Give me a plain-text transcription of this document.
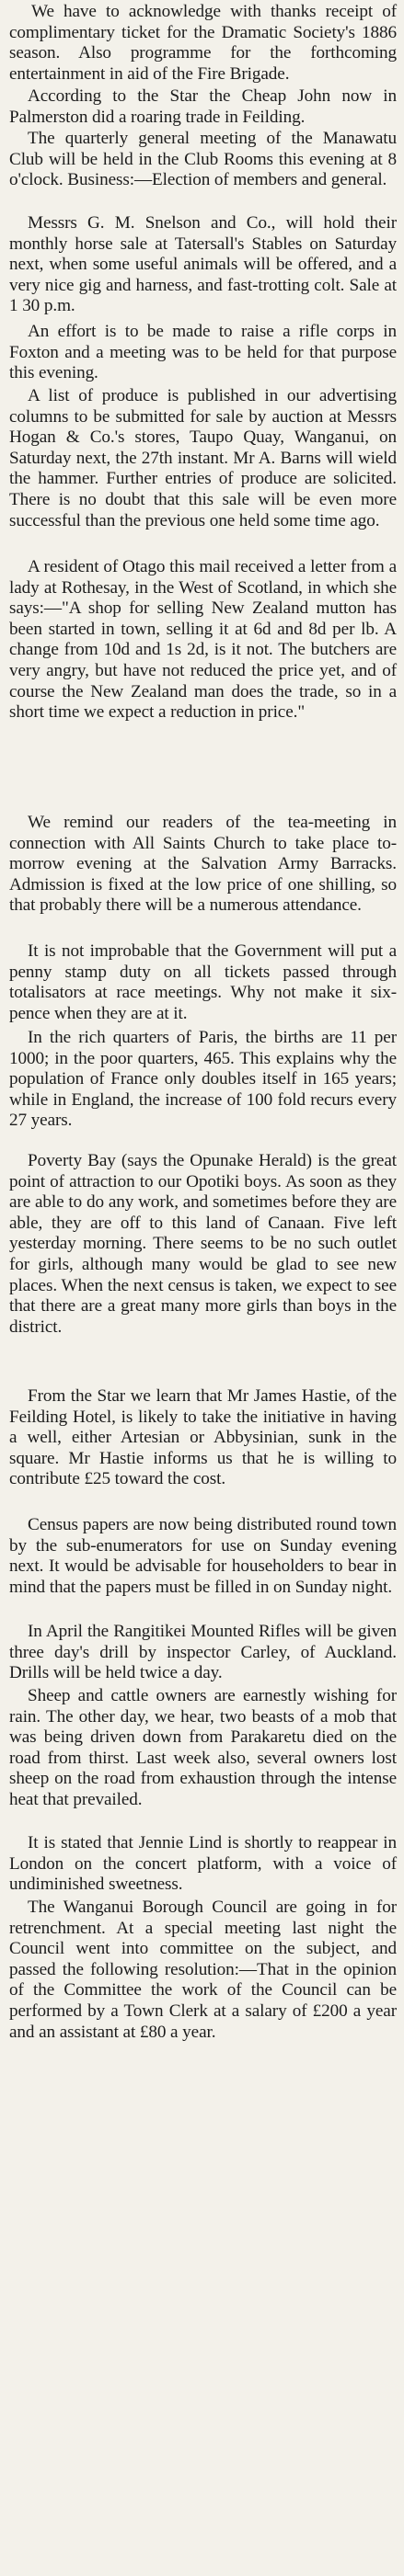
We have to acknowledge with thanks receipt of complimentary ticket for the Dramatic Society's 1886 season. Also programme for the forthcoming entertainment in aid of the Fire Brigade.

According to the Star the Cheap John now in Palmerston did a roaring trade in Feilding.

The quarterly general meeting of the Manawatu Club will be held in the Club Rooms this evening at 8 o'clock. Business:—Election of members and general.

Messrs G. M. Snelson and Co., will hold their monthly horse sale at Tatersall's Stables on Saturday next, when some useful animals will be offered, and a very nice gig and harness, and fast-trotting colt. Sale at 1 30 p.m.

An effort is to be made to raise a rifle corps in Foxton and a meeting was to be held for that purpose this evening.

A list of produce is published in our advertising columns to be submitted for sale by auction at Messrs Hogan & Co.'s stores, Taupo Quay, Wanganui, on Saturday next, the 27th instant. Mr A. Barns will wield the hammer. Further entries of produce are solicited. There is no doubt that this sale will be even more successful than the previous one held some time ago.

A resident of Otago this mail received a letter from a lady at Rothesay, in the West of Scotland, in which she says:—"A shop for selling New Zealand mutton has been started in town, selling it at 6d and 8d per lb. A change from 10d and 1s 2d, is it not. The butchers are very angry, but have not reduced the price yet, and of course the New Zealand man does the trade, so in a short time we expect a reduction in price."

We remind our readers of the tea-meeting in connection with All Saints Church to take place to-morrow evening at the Salvation Army Barracks. Admission is fixed at the low price of one shilling, so that probably there will be a numerous attendance.

It is not improbable that the Government will put a penny stamp duty on all tickets passed through totalisators at race meetings. Why not make it six-pence when they are at it.

In the rich quarters of Paris, the births are 11 per 1000; in the poor quarters, 465. This explains why the population of France only doubles itself in 165 years; while in England, the increase of 100 fold recurs every 27 years.

Poverty Bay (says the Opunake Herald) is the great point of attraction to our Opotiki boys. As soon as they are able to do any work, and sometimes before they are able, they are off to this land of Canaan. Five left yesterday morning. There seems to be no such outlet for girls, although many would be glad to see new places. When the next census is taken, we expect to see that there are a great many more girls than boys in the district.

From the Star we learn that Mr James Hastie, of the Feilding Hotel, is likely to take the initiative in having a well, either Artesian or Abbysinian, sunk in the square. Mr Hastie informs us that he is willing to contribute £25 toward the cost.

Census papers are now being distributed round town by the sub-enumerators for use on Sunday evening next. It would be advisable for householders to bear in mind that the papers must be filled in on Sunday night.

In April the Rangitikei Mounted Rifles will be given three day's drill by inspector Carley, of Auckland. Drills will be held twice a day.

Sheep and cattle owners are earnestly wishing for rain. The other day, we hear, two beasts of a mob that was being driven down from Parakaretu died on the road from thirst. Last week also, several owners lost sheep on the road from exhaustion through the intense heat that prevailed.

It is stated that Jennie Lind is shortly to reappear in London on the concert platform, with a voice of undiminished sweetness.

The Wanganui Borough Council are going in for retrenchment. At a special meeting last night the Council went into committee on the subject, and passed the following resolution:—That in the opinion of the Committee the work of the Council can be performed by a Town Clerk at a salary of £200 a year and an assistant at £80 a year.
